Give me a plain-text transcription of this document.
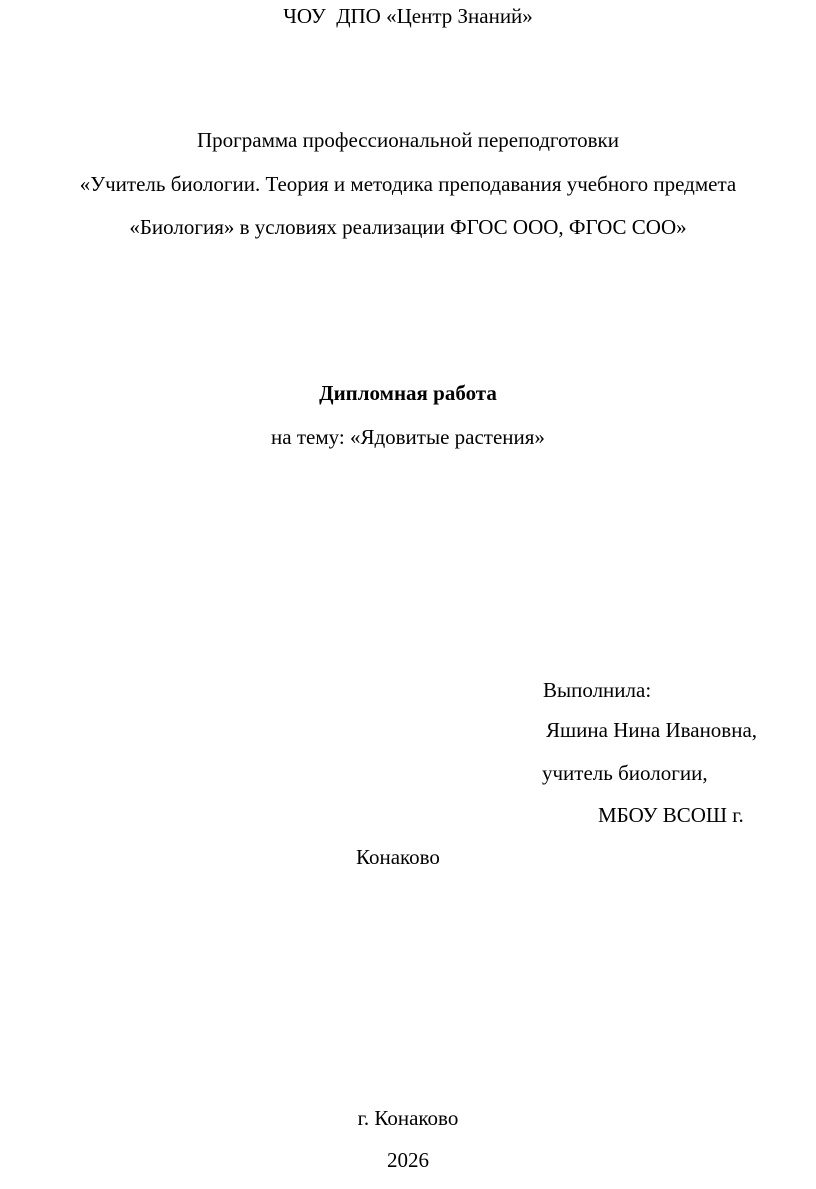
ЧОУ  ДПО «Центр Знаний»
Программа профессиональной переподготовки
«Учитель биологии. Теория и методика преподавания учебного предмета
«Биология» в условиях реализации ФГОС ООО, ФГОС СОО»
Дипломная работа
на тему: «Ядовитые растения»
Выполнила:
Яшина Нина Ивановна,
учитель биологии,
МБОУ ВСОШ г.
Конаково
г. Конаково
2026
